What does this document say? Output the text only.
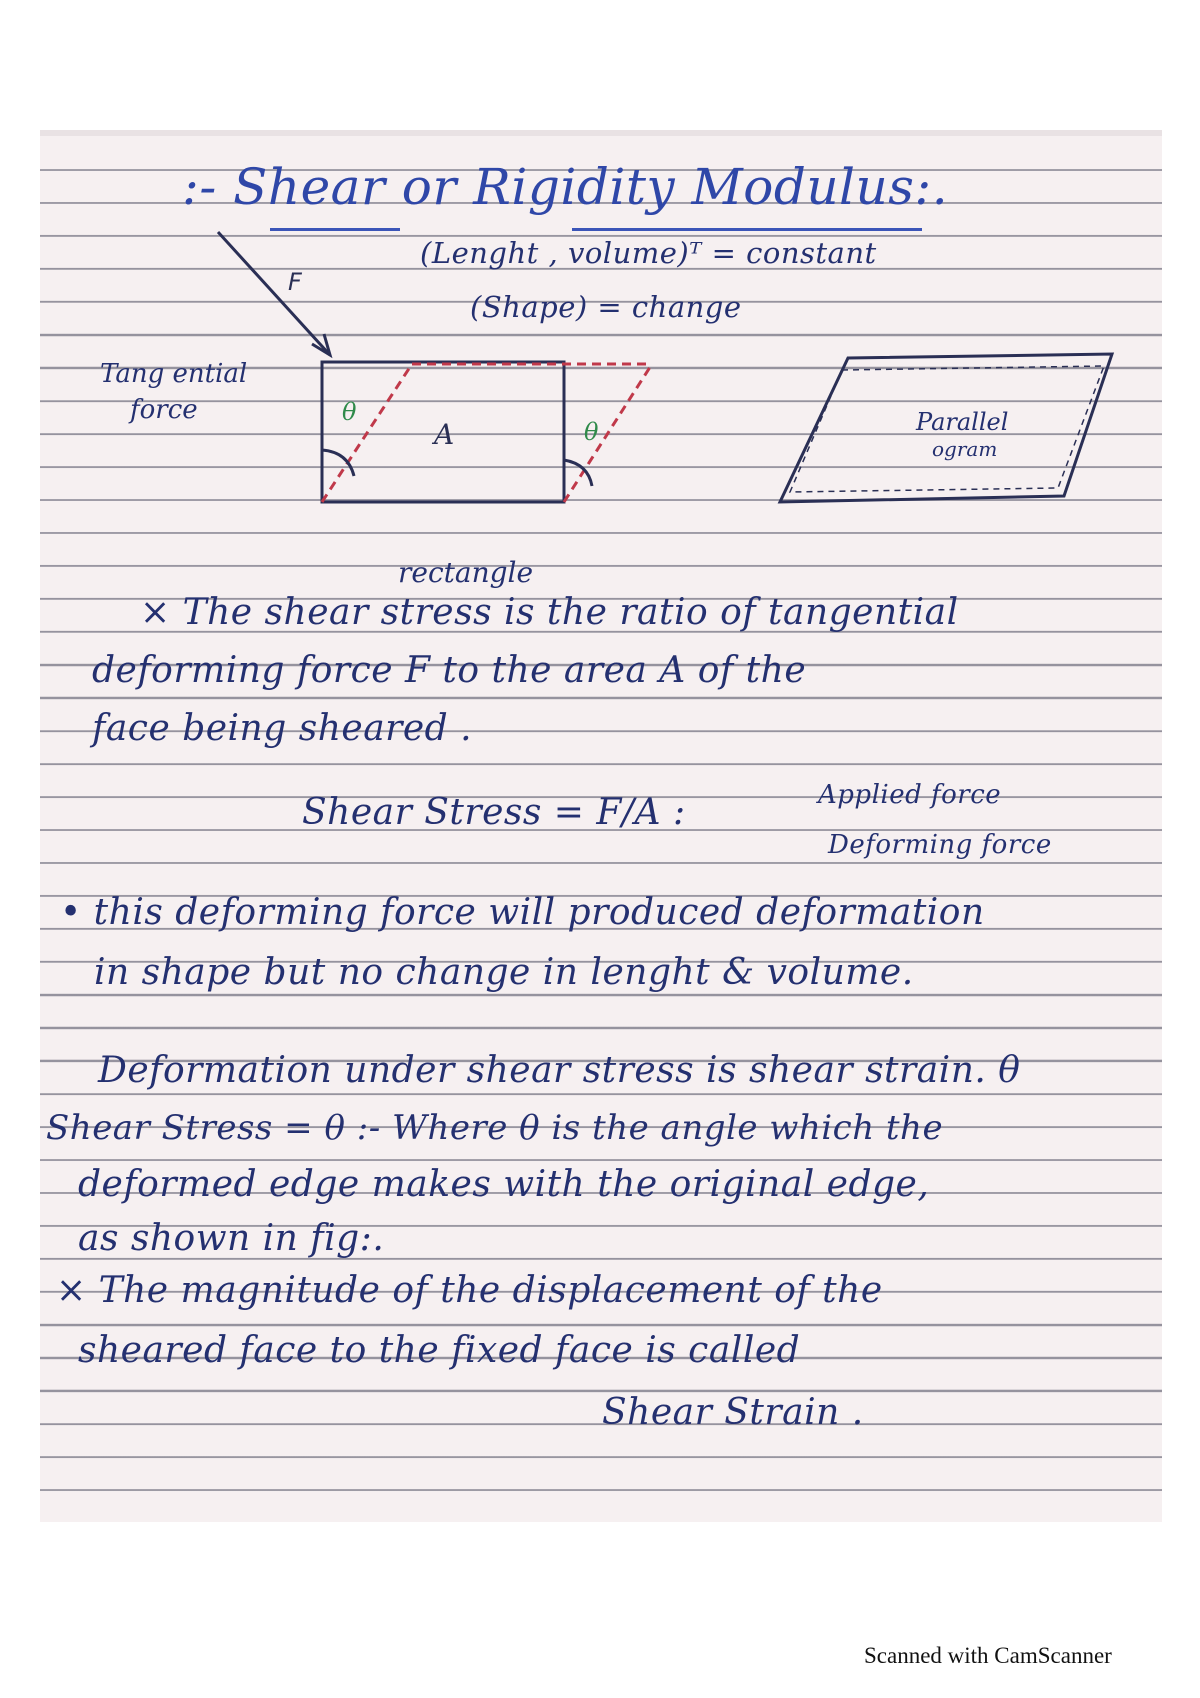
:- Shear or Rigidity Modulus:.
(Lenght , volume)ᵀ = constant
(Shape) = change
F
Tang ential
force	θ
θ
A	Parallel
ogram
rectangle
× The shear stress is the ratio of tangential
deforming force F to the area A of the
face being sheared .
Shear Stress = F/A :	Applied force
Deforming force
• this deforming force will produced deformation
in shape but no change in lenght & volume.
Deformation under shear stress is shear strain. θ
Shear Stress = θ :- Where θ is the angle which the
deformed edge makes with the original edge,
as shown in fig:.
× The magnitude of the displacement of the
sheared face to the fixed face is called
Shear Strain .
Scanned with CamScanner
